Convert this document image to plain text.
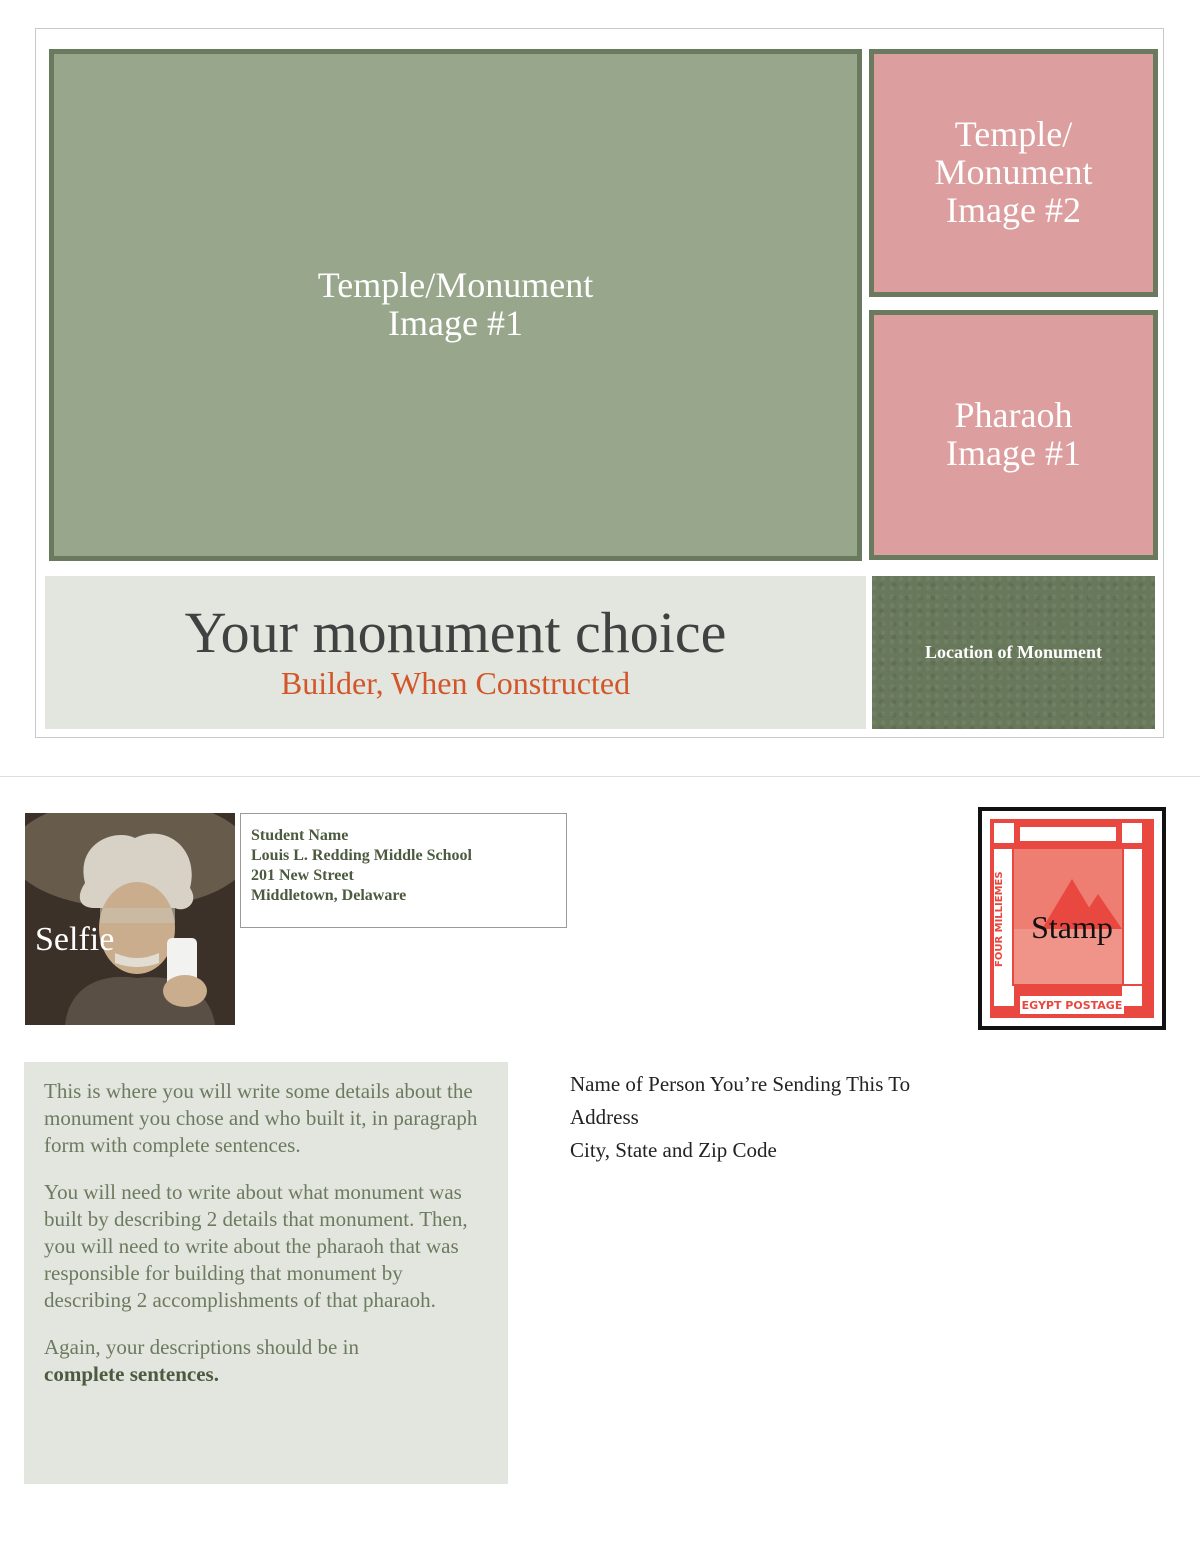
Temple/Monument
Image #1
Temple/
Monument
Image #2
Pharaoh
Image #1
Your monument choice
Builder, When Constructed
Location of Monument
Selfie
Student Name
Louis L. Redding Middle School
201 New Street
Middletown, Delaware	FOUR MILLIEMES
EGYPT POSTAGE
Stamp

This is where you will write some details about the monument you chose and who built it, in paragraph form with complete sentences.

You will need to write about what monument was built by describing 2 details that monument. Then, you will need to write about the pharaoh that was responsible for building that monument by describing 2 accomplishments of that pharaoh.

Again, your descriptions should be in
complete sentences.

Name of Person You’re Sending This To
Address
City, State and Zip Code
